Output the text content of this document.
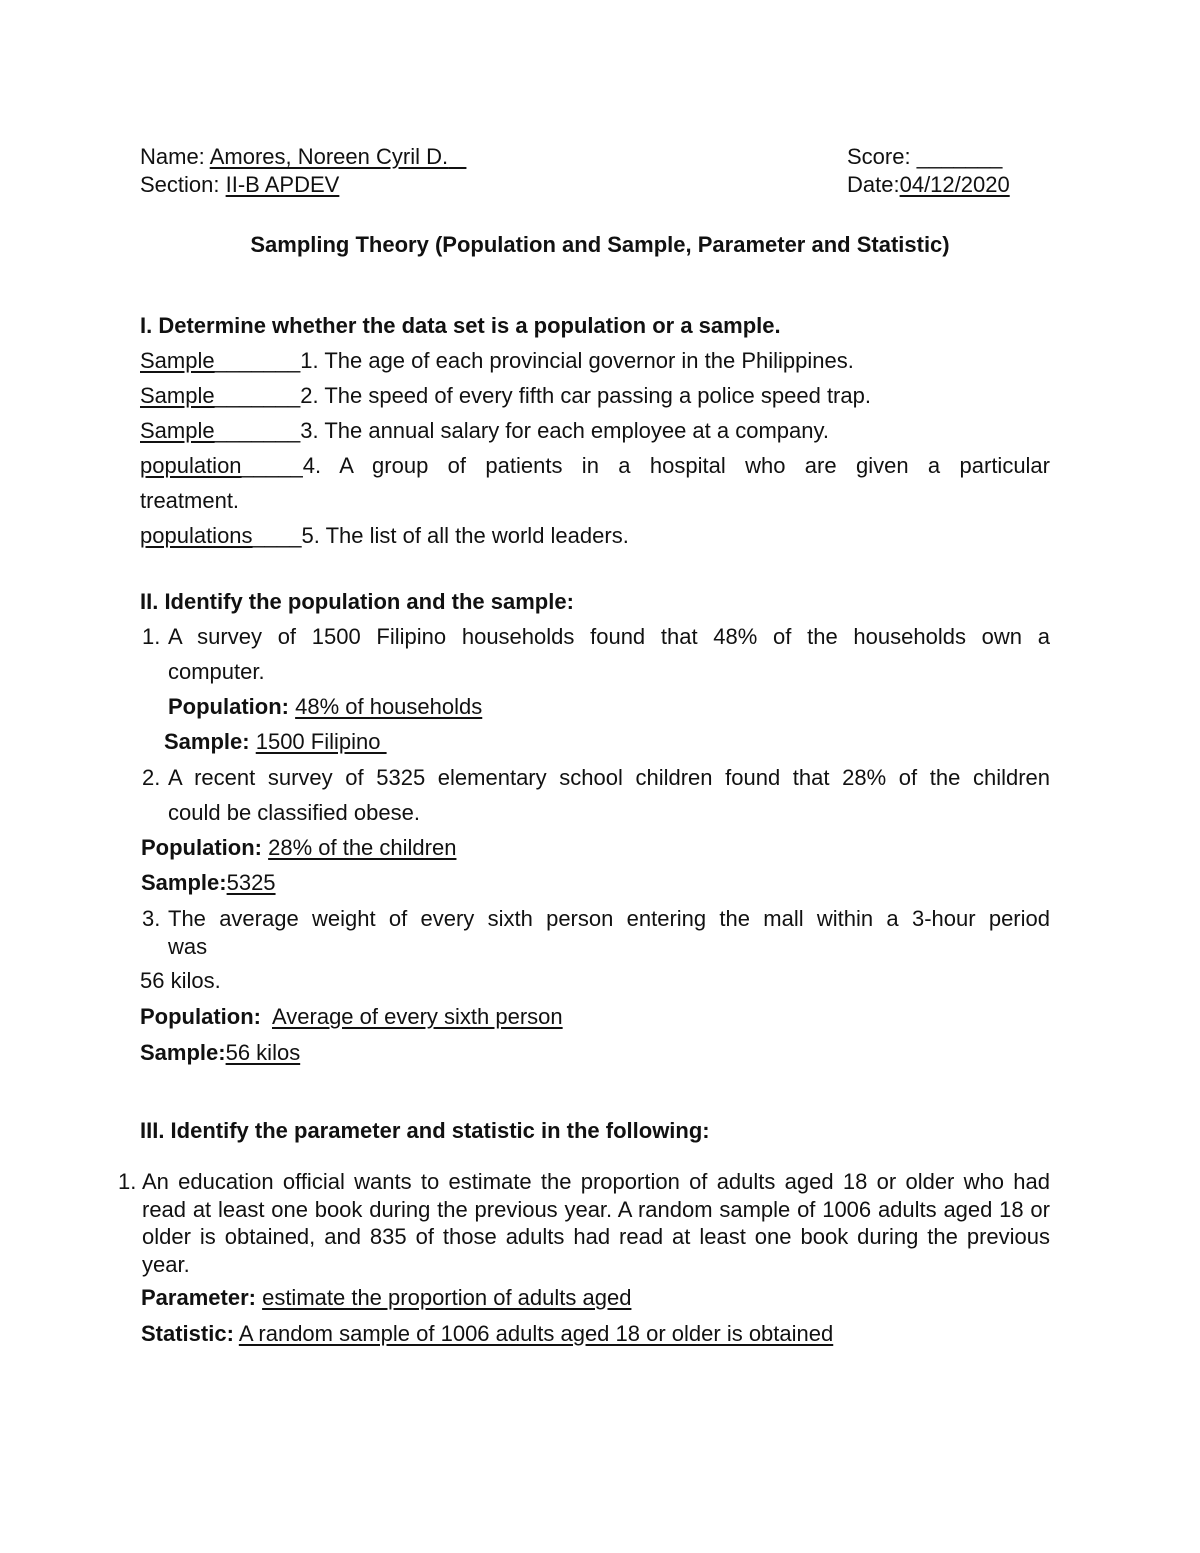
Name: Amores, Noreen Cyril D.	Score: _______
Section: II-B APDEV	Date:04/12/2020
Sampling Theory (Population and Sample, Parameter and Statistic)
I. Determine whether the data set is a population or a sample.
Sample_______1. The age of each provincial governor in the Philippines.
Sample_______2. The speed of every fifth car passing a police speed trap.
Sample_______3. The annual salary for each employee at a company.
population_____4. A group of patients in a hospital who are given a particular
treatment.
populations____5. The list of all the world leaders.
II. Identify the population and the sample:
1. A survey of 1500 Filipino households found that 48% of the households own a
computer.
Population: 48% of households
Sample: 1500 Filipino
2. A recent survey of 5325 elementary school children found that 28% of the children
could be classified obese.
Population: 28% of the children
Sample:5325
3. The average weight of every sixth person entering the mall within a 3-hour period
was
56 kilos.
Population: Average of every sixth person
Sample:56 kilos
III. Identify the parameter and statistic in the following:
1. An education official wants to estimate the proportion of adults aged 18 or older who had read at least one book during the previous year. A random sample of 1006 adults aged 18 or older is obtained, and 835 of those adults had read at least one book during the previous year.
Parameter: estimate the proportion of adults aged
Statistic: A random sample of 1006 adults aged 18 or older is obtained
